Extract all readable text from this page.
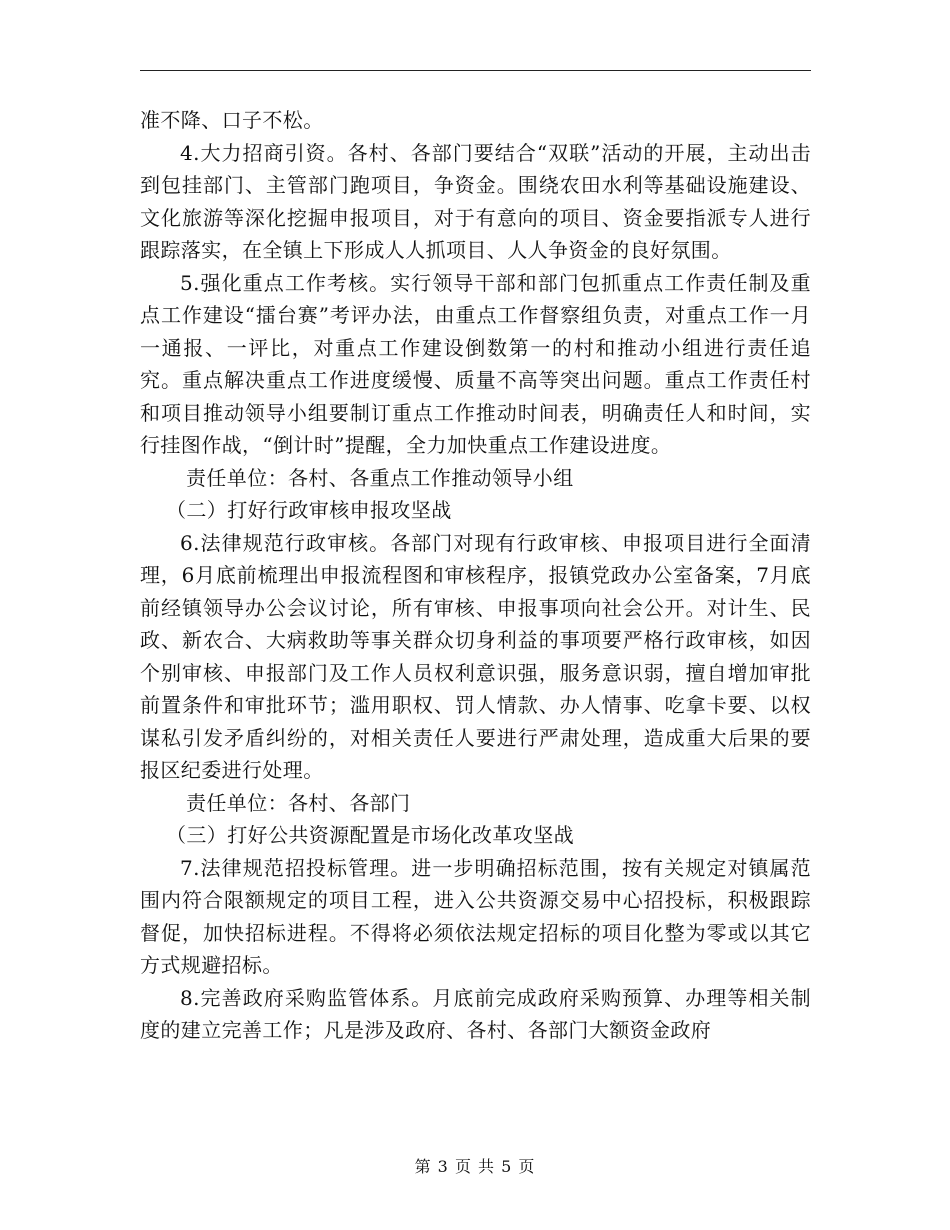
准不降、口子不松。

4.大力招商引资。各村、各部门要结合“双联”活动的开展，主动出击到包挂部门、主管部门跑项目，争资金。围绕农田水利等基础设施建设、文化旅游等深化挖掘申报项目，对于有意向的项目、资金要指派专人进行跟踪落实，在全镇上下形成人人抓项目、人人争资金的良好氛围。

5.强化重点工作考核。实行领导干部和部门包抓重点工作责任制及重点工作建设“擂台赛”考评办法，由重点工作督察组负责，对重点工作一月一通报、一评比，对重点工作建设倒数第一的村和推动小组进行责任追究。重点解决重点工作进度缓慢、质量不高等突出问题。重点工作责任村和项目推动领导小组要制订重点工作推动时间表，明确责任人和时间，实行挂图作战，“倒计时”提醒，全力加快重点工作建设进度。

责任单位：各村、各重点工作推动领导小组

（二）打好行政审核申报攻坚战

6.法律规范行政审核。各部门对现有行政审核、申报项目进行全面清理，6月底前梳理出申报流程图和审核程序，报镇党政办公室备案，7月底前经镇领导办公会议讨论，所有审核、申报事项向社会公开。对计生、民政、新农合、大病救助等事关群众切身利益的事项要严格行政审核，如因个别审核、申报部门及工作人员权利意识强，服务意识弱，擅自增加审批前置条件和审批环节；滥用职权、罚人情款、办人情事、吃拿卡要、以权谋私引发矛盾纠纷的，对相关责任人要进行严肃处理，造成重大后果的要报区纪委进行处理。

责任单位：各村、各部门

（三）打好公共资源配置是市场化改革攻坚战

7.法律规范招投标管理。进一步明确招标范围，按有关规定对镇属范围内符合限额规定的项目工程，进入公共资源交易中心招投标，积极跟踪督促，加快招标进程。不得将必须依法规定招标的项目化整为零或以其它方式规避招标。

8.完善政府采购监管体系。月底前完成政府采购预算、办理等相关制度的建立完善工作；凡是涉及政府、各村、各部门大额资金政府

第 3 页 共 5 页
